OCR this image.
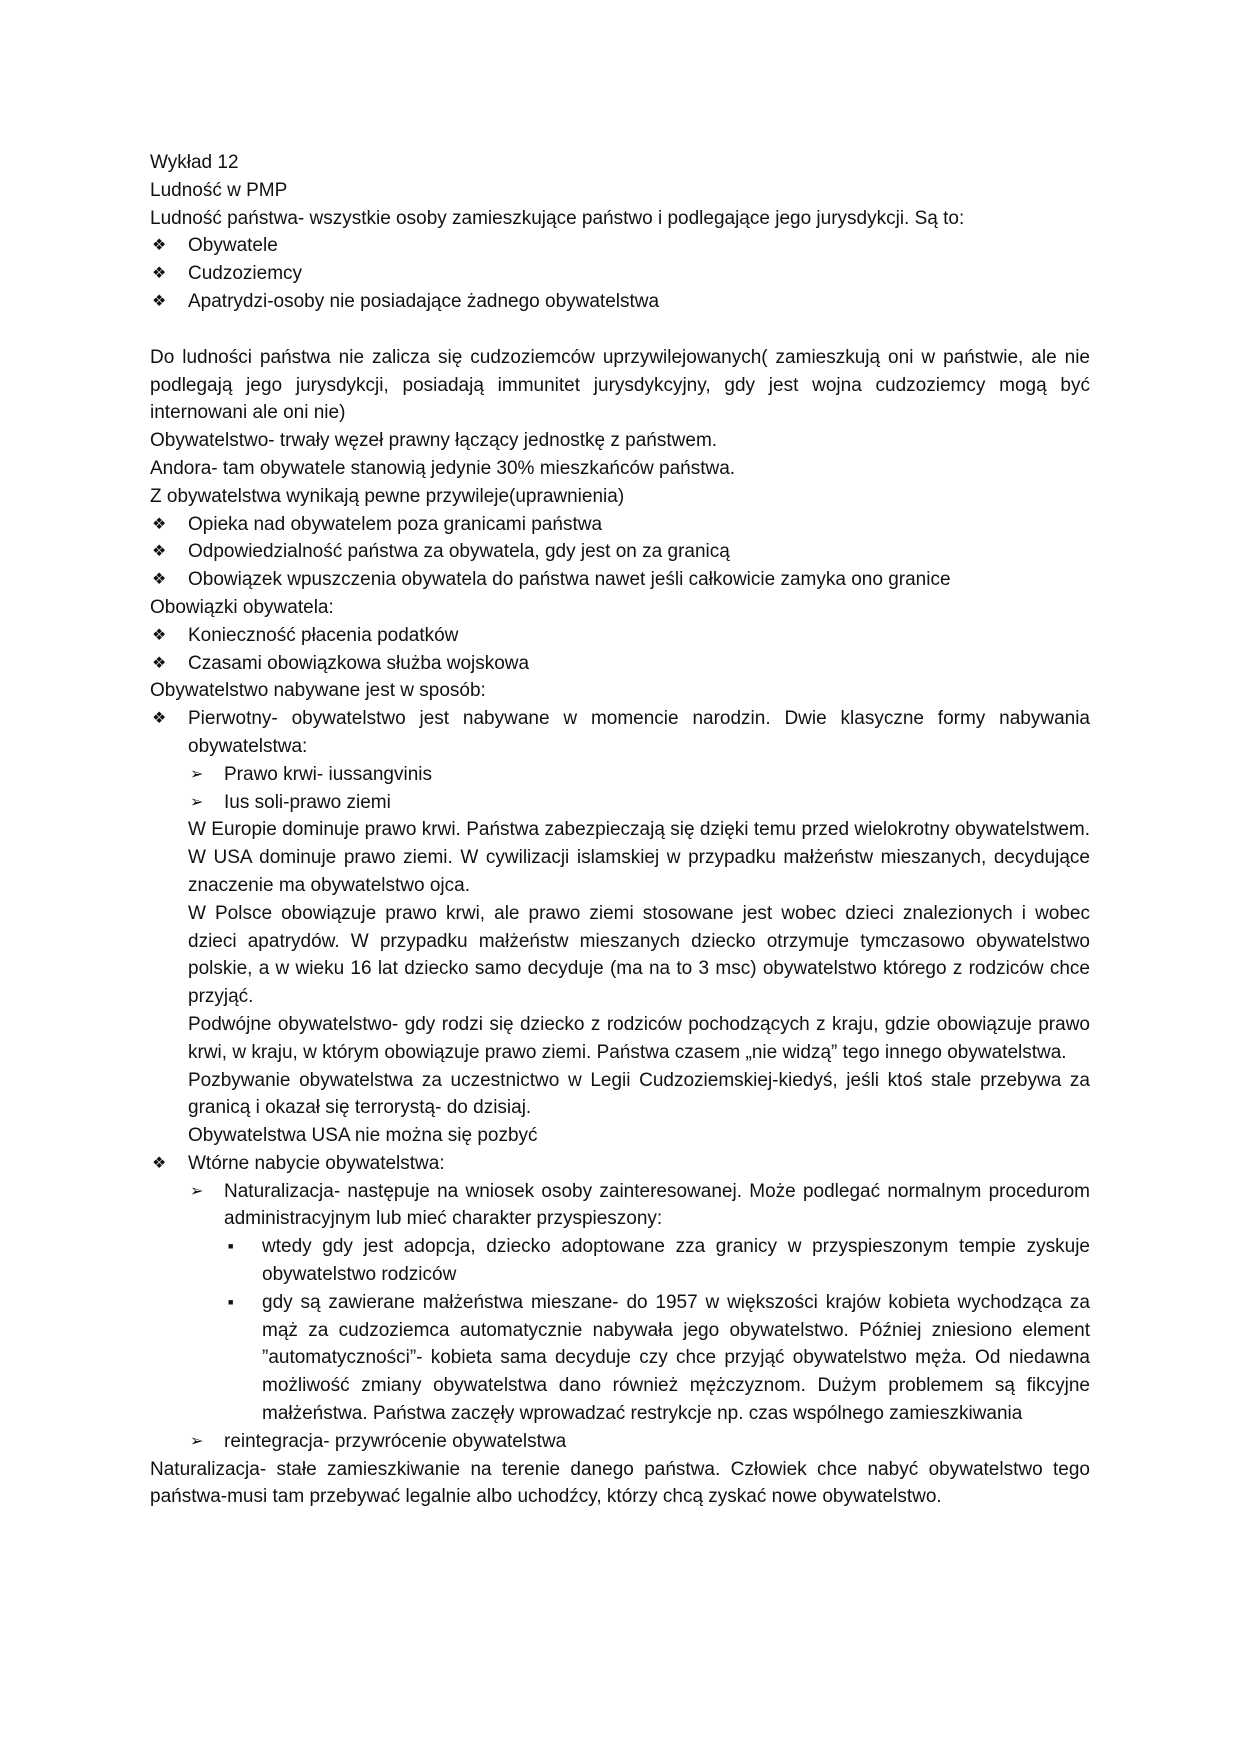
Wykład 12
Ludność w PMP
Ludność państwa- wszystkie osoby zamieszkujące państwo i podlegające jego jurysdykcji. Są to:
❖ Obywatele
❖ Cudzoziemcy
❖ Apatrydzi-osoby nie posiadające żadnego obywatelstwa

Do ludności państwa nie zalicza się cudzoziemców uprzywilejowanych( zamieszkują oni w państwie, ale nie podlegają jego jurysdykcji, posiadają immunitet jurysdykcyjny, gdy jest wojna cudzoziemcy mogą być internowani ale oni nie)

Obywatelstwo- trwały węzeł prawny łączący jednostkę z państwem.
Andora- tam obywatele stanowią jedynie 30% mieszkańców państwa.
Z obywatelstwa wynikają pewne przywileje(uprawnienia)
❖ Opieka nad obywatelem poza granicami państwa
❖ Odpowiedzialność państwa za obywatela, gdy jest on za granicą
❖ Obowiązek wpuszczenia obywatela do państwa nawet jeśli całkowicie zamyka ono granice
Obowiązki obywatela:
❖ Konieczność płacenia podatków
❖ Czasami obowiązkowa służba wojskowa
Obywatelstwo nabywane jest w sposób:
❖ Pierwotny- obywatelstwo jest nabywane w momencie narodzin. Dwie klasyczne formy nabywania obywatelstwa:
➢ Prawo krwi- iussangvinis
➢ Ius soli-prawo ziemi

W Europie dominuje prawo krwi. Państwa zabezpieczają się dzięki temu przed wielokrotny obywatelstwem. W USA dominuje prawo ziemi. W cywilizacji islamskiej w przypadku małżeństw mieszanych, decydujące znaczenie ma obywatelstwo ojca.

W Polsce obowiązuje prawo krwi, ale prawo ziemi stosowane jest wobec dzieci znalezionych i wobec dzieci apatrydów. W przypadku małżeństw mieszanych dziecko otrzymuje tymczasowo obywatelstwo polskie, a w wieku 16 lat dziecko samo decyduje (ma na to 3 msc) obywatelstwo którego z rodziców chce przyjąć.

Podwójne obywatelstwo- gdy rodzi się dziecko z rodziców pochodzących z kraju, gdzie obowiązuje prawo krwi, w kraju, w którym obowiązuje prawo ziemi. Państwa czasem „nie widzą” tego innego obywatelstwa.

Pozbywanie obywatelstwa za uczestnictwo w Legii Cudzoziemskiej-kiedyś, jeśli ktoś stale przebywa za granicą i okazał się terrorystą- do dzisiaj.

Obywatelstwa USA nie można się pozbyć

❖ Wtórne nabycie obywatelstwa:
➢ Naturalizacja- następuje na wniosek osoby zainteresowanej. Może podlegać normalnym procedurom administracyjnym lub mieć charakter przyspieszony:
■ wtedy gdy jest adopcja, dziecko adoptowane zza granicy w przyspieszonym tempie zyskuje obywatelstwo rodziców
■ gdy są zawierane małżeństwa mieszane- do 1957 w większości krajów kobieta wychodząca za mąż za cudzoziemca automatycznie nabywała jego obywatelstwo. Później zniesiono element ”automatyczności”- kobieta sama decyduje czy chce przyjąć obywatelstwo męża. Od niedawna możliwość zmiany obywatelstwa dano również mężczyznom. Dużym problemem są fikcyjne małżeństwa. Państwa zaczęły wprowadzać restrykcje np. czas wspólnego zamieszkiwania
➢ reintegracja- przywrócenie obywatelstwa

Naturalizacja- stałe zamieszkiwanie na terenie danego państwa. Człowiek chce nabyć obywatelstwo tego państwa-musi tam przebywać legalnie albo uchodźcy, którzy chcą zyskać nowe obywatelstwo.
